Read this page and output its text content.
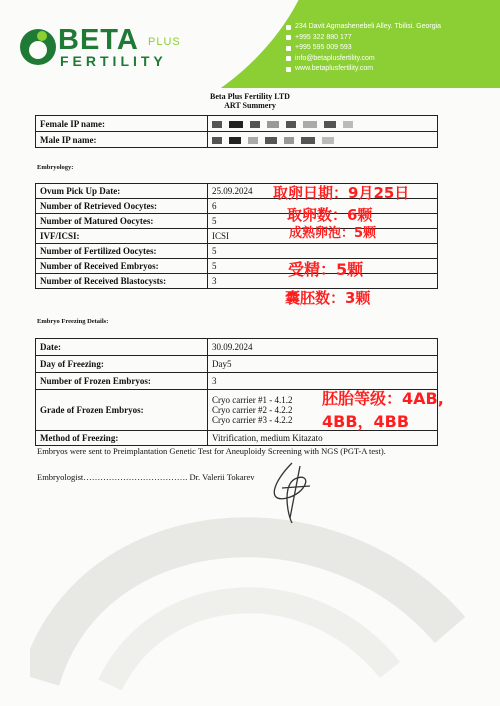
BETA PLUS
FERTILITY
234 Davit Agmashenebeli Alley. Tbilisi. Georgia
+995 322 880 177
+995 595 009 593
info@betaplusfertility.com
www.betaplusfertility.com
Beta Plus Fertility LTD
ART Summery
Female IP name:	
Male IP name:	
Embryology:
Ovum Pick Up Date:	25.09.2024
Number of Retrieved Oocytes:	6
Number of Matured Oocytes:	5
IVF/ICSI:	ICSI
Number of Fertilized Oocytes:	5
Number of Received Embryos:	5
Number of Received Blastocysts:	3
Embryo Freezing Details:
Date:	30.09.2024
Day of Freezing:	Day5
Number of Frozen Embryos:	3
Grade of Frozen Embryos:	Cryo carrier #1 - 4.1.2
Cryo carrier #2 - 4.2.2
Cryo carrier #3 - 4.2.2

Method of Freezing:	Vitrification, medium Kitazato
Embryos were sent to Preimplantation Genetic Test for Aneuploidy Screening with NGS (PGT-A test).
Embryologist………………………………. Dr. Valerii Tokarev
取卵日期：9月25日
取卵数：6颗
成熟卵泡：5颗
受精：5颗
囊胚数：3颗
胚胎等级：4AB,
4BB，4BB
